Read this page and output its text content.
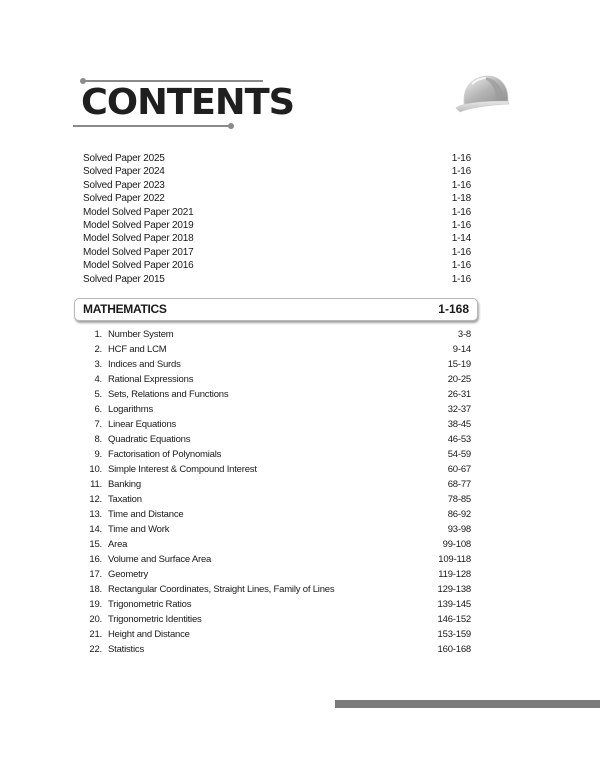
CONTENTS
Solved Paper 2025	1-16
Solved Paper 2024	1-16
Solved Paper 2023	1-16
Solved Paper 2022	1-18
Model Solved Paper 2021	1-16
Model Solved Paper 2019	1-16
Model Solved Paper 2018	1-14
Model Solved Paper 2017	1-16
Model Solved Paper 2016	1-16
Solved Paper 2015	1-16
MATHEMATICS	1-168
1. Number System	3-8
2. HCF and LCM	9-14
3. Indices and Surds	15-19
4. Rational Expressions	20-25
5. Sets, Relations and Functions	26-31
6. Logarithms	32-37
7. Linear Equations	38-45
8. Quadratic Equations	46-53
9. Factorisation of Polynomials	54-59
10. Simple Interest & Compound Interest	60-67
11. Banking	68-77
12. Taxation	78-85
13. Time and Distance	86-92
14. Time and Work	93-98
15. Area	99-108
16. Volume and Surface Area	109-118
17. Geometry	119-128
18. Rectangular Coordinates, Straight Lines, Family of Lines	129-138
19. Trigonometric Ratios	139-145
20. Trigonometric Identities	146-152
21. Height and Distance	153-159
22. Statistics	160-168
